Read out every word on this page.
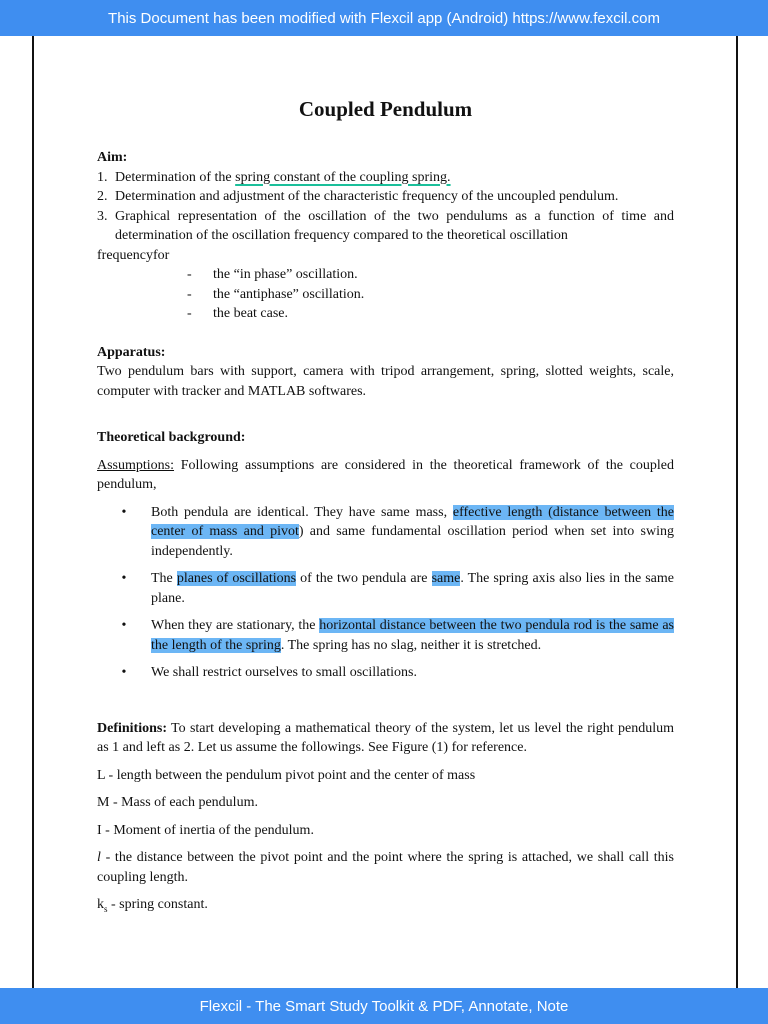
This Document has been modified with Flexcil app (Android) https://www.fexcil.com
Coupled Pendulum
Aim:
1. Determination of the spring constant of the coupling spring.
2. Determination and adjustment of the characteristic frequency of the uncoupled pendulum.
3. Graphical representation of the oscillation of the two pendulums as a function of time and determination of the oscillation frequency compared to the theoretical oscillation
frequencyfor
-	the “in phase” oscillation.
-	the “antiphase” oscillation.
-	the beat case.
Apparatus:

Two pendulum bars with support, camera with tripod arrangement, spring, slotted weights, scale, computer with tracker and MATLAB softwares.

Theoretical background:

Assumptions: Following assumptions are considered in the theoretical framework of the coupled pendulum,

•	Both pendula are identical. They have same mass, effective length (distance between the center of mass and pivot) and same fundamental oscillation period when set into swing independently.
•	The planes of oscillations of the two pendula are same. The spring axis also lies in the same plane.
•	When they are stationary, the horizontal distance between the two pendula rod is the same as the length of the spring. The spring has no slag, neither it is stretched.
•	We shall restrict ourselves to small oscillations.

Definitions: To start developing a mathematical theory of the system, let us level the right pendulum as 1 and left as 2. Let us assume the followings. See Figure (1) for reference.

L - length between the pendulum pivot point and the center of mass

M - Mass of each pendulum.

I - Moment of inertia of the pendulum.

l - the distance between the pivot point and the point where the spring is attached, we shall call this coupling length.

$k_s$ - spring constant.

Flexcil - The Smart Study Toolkit & PDF, Annotate, Note
